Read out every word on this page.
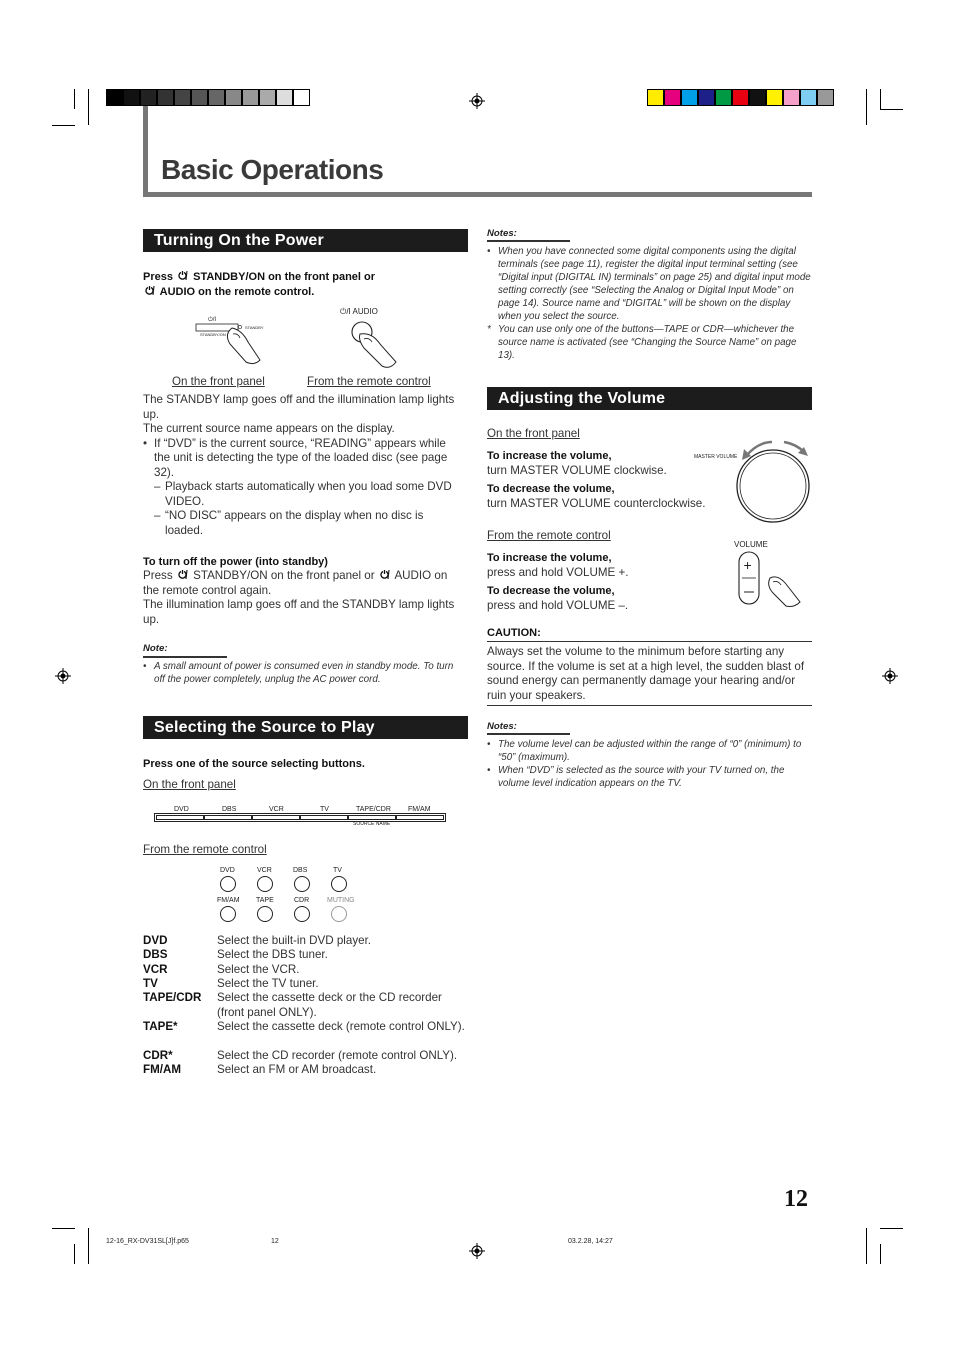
Basic Operations
Turning On the Power
Press STANDBY/ON on the front panel or
AUDIO on the remote control.
⏻/I
STANDBY/ON
STANDBY
⏻/I AUDIO
On the front panel	From the remote control
The STANDBY lamp goes off and the illumination lamp lights up.
The current source name appears on the display.
• If “DVD” is the current source, “READING” appears while the unit is detecting the type of the loaded disc (see page 32).
– Playback starts automatically when you load some DVD VIDEO.
– “NO DISC” appears on the display when no disc is loaded.
To turn off the power (into standby)
Press STANDBY/ON on the front panel or AUDIO on the remote control again.
The illumination lamp goes off and the STANDBY lamp lights up.
Note:
• A small amount of power is consumed even in standby mode. To turn off the power completely, unplug the AC power cord.
Selecting the Source to Play
Press one of the source selecting buttons.
On the front panel
DVD	DBS	VCR	TV	TAPE/CDR FM/AM
SOURCE NAME
From the remote control
DVD	VCR	DBS	TV
FM/AM TAPE	CDR	MUTING
DVD	Select the built-in DVD player.
DBS	Select the DBS tuner.
VCR	Select the VCR.
TV	Select the TV tuner.
TAPE/CDR	Select the cassette deck or the CD recorder (front panel ONLY).
TAPE*	Select the cassette deck (remote control ONLY).
CDR*	Select the CD recorder (remote control ONLY).
FM/AM	Select an FM or AM broadcast.
Notes:
• When you have connected some digital components using the digital terminals (see page 11), register the digital input terminal setting (see “Digital input (DIGITAL IN) terminals” on page 25) and digital input mode setting correctly (see “Selecting the Analog or Digital Input Mode” on page 14). Source name and “DIGITAL” will be shown on the display when you select the source.
* You can use only one of the buttons—TAPE or CDR—whichever the source name is activated (see “Changing the Source Name” on page 13).
Adjusting the Volume
On the front panel
To increase the volume,
turn MASTER VOLUME clockwise.
To decrease the volume,
turn MASTER VOLUME counterclockwise.
MASTER VOLUME
From the remote control
To increase the volume,
press and hold VOLUME +.
To decrease the volume,
press and hold VOLUME –.
VOLUME
+
CAUTION:
Always set the volume to the minimum before starting any source. If the volume is set at a high level, the sudden blast of sound energy can permanently damage your hearing and/or ruin your speakers.
Notes:
• The volume level can be adjusted within the range of “0” (minimum) to “50” (maximum).
• When “DVD” is selected as the source with your TV turned on, the volume level indication appears on the TV.
12
12-16_RX-DV31SL[J]f.p65	12	03.2.28, 14:27
